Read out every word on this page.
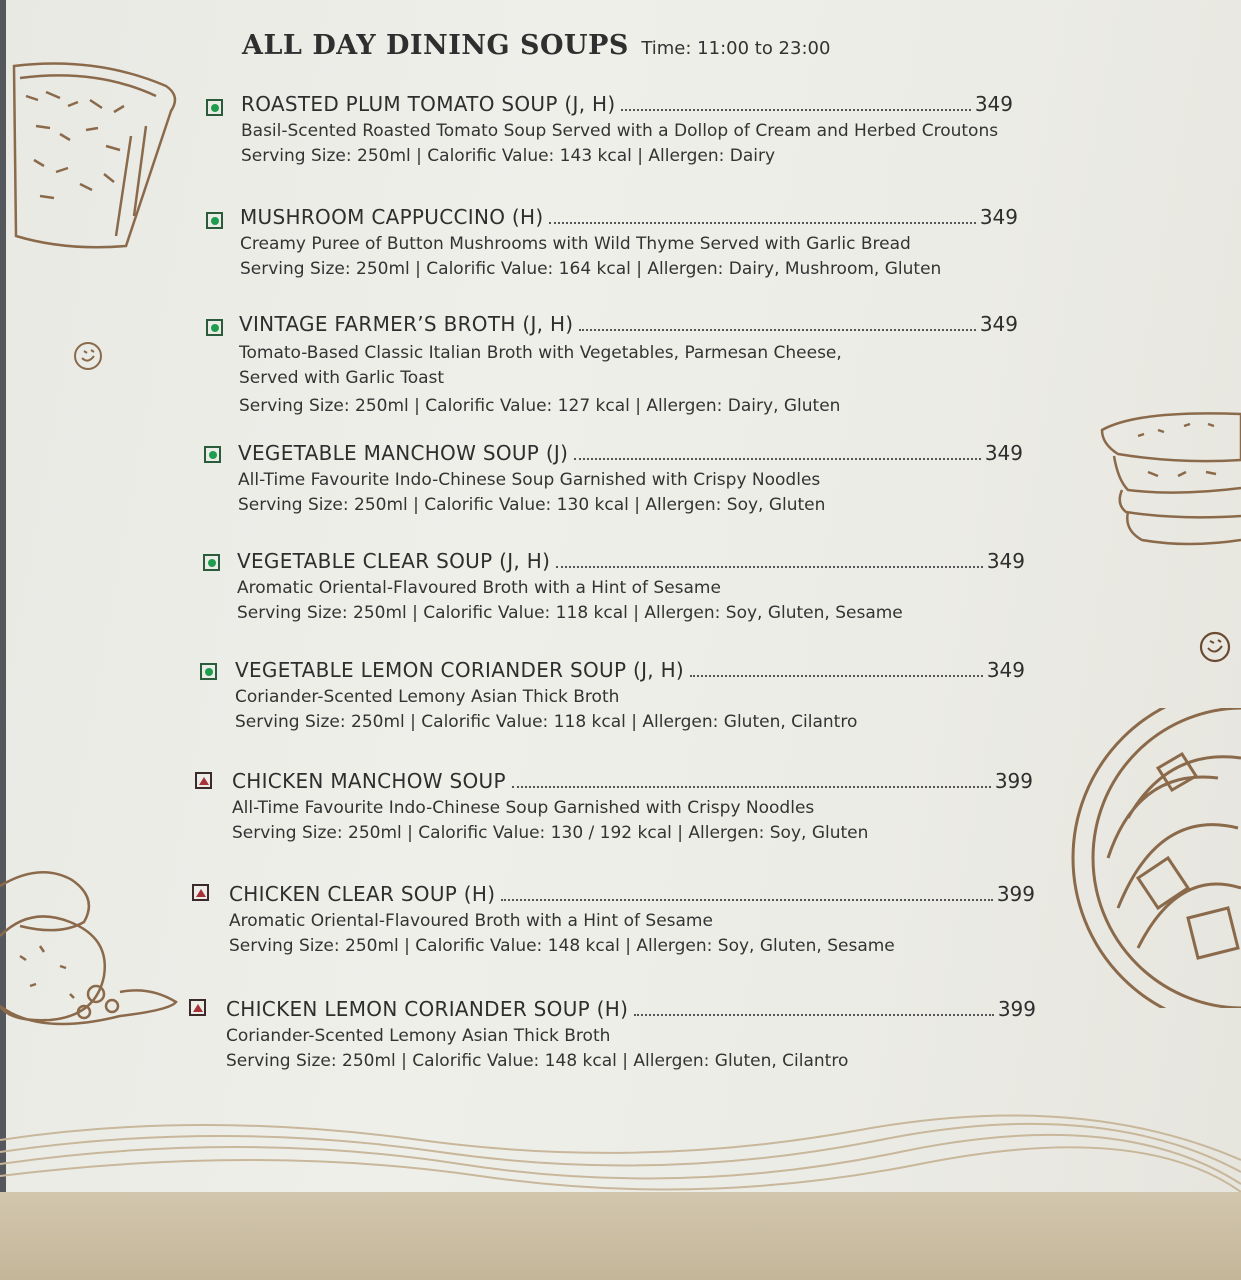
ALL DAY DINING SOUPS Time: 11:00 to 23:00
ROASTED PLUM TOMATO SOUP (J, H)	349
Basil-Scented Roasted Tomato Soup Served with a Dollop of Cream and Herbed Croutons
Serving Size: 250ml | Calorific Value: 143 kcal | Allergen: Dairy
MUSHROOM CAPPUCCINO (H)	349
Creamy Puree of Button Mushrooms with Wild Thyme Served with Garlic Bread
Serving Size: 250ml | Calorific Value: 164 kcal | Allergen: Dairy, Mushroom, Gluten
VINTAGE FARMER’S BROTH (J, H)	349
Tomato-Based Classic Italian Broth with Vegetables, Parmesan Cheese, Served with Garlic Toast
Serving Size: 250ml | Calorific Value: 127 kcal | Allergen: Dairy, Gluten
VEGETABLE MANCHOW SOUP (J)	349
All-Time Favourite Indo-Chinese Soup Garnished with Crispy Noodles
Serving Size: 250ml | Calorific Value: 130 kcal | Allergen: Soy, Gluten
VEGETABLE CLEAR SOUP (J, H)	349
Aromatic Oriental-Flavoured Broth with a Hint of Sesame
Serving Size: 250ml | Calorific Value: 118 kcal | Allergen: Soy, Gluten, Sesame
VEGETABLE LEMON CORIANDER SOUP (J, H)	349
Coriander-Scented Lemony Asian Thick Broth
Serving Size: 250ml | Calorific Value: 118 kcal | Allergen: Gluten, Cilantro
CHICKEN MANCHOW SOUP	399
All-Time Favourite Indo-Chinese Soup Garnished with Crispy Noodles
Serving Size: 250ml | Calorific Value: 130 / 192 kcal | Allergen: Soy, Gluten
CHICKEN CLEAR SOUP (H)	399
Aromatic Oriental-Flavoured Broth with a Hint of Sesame
Serving Size: 250ml | Calorific Value: 148 kcal | Allergen: Soy, Gluten, Sesame
CHICKEN LEMON CORIANDER SOUP (H)	399
Coriander-Scented Lemony Asian Thick Broth
Serving Size: 250ml | Calorific Value: 148 kcal | Allergen: Gluten, Cilantro
